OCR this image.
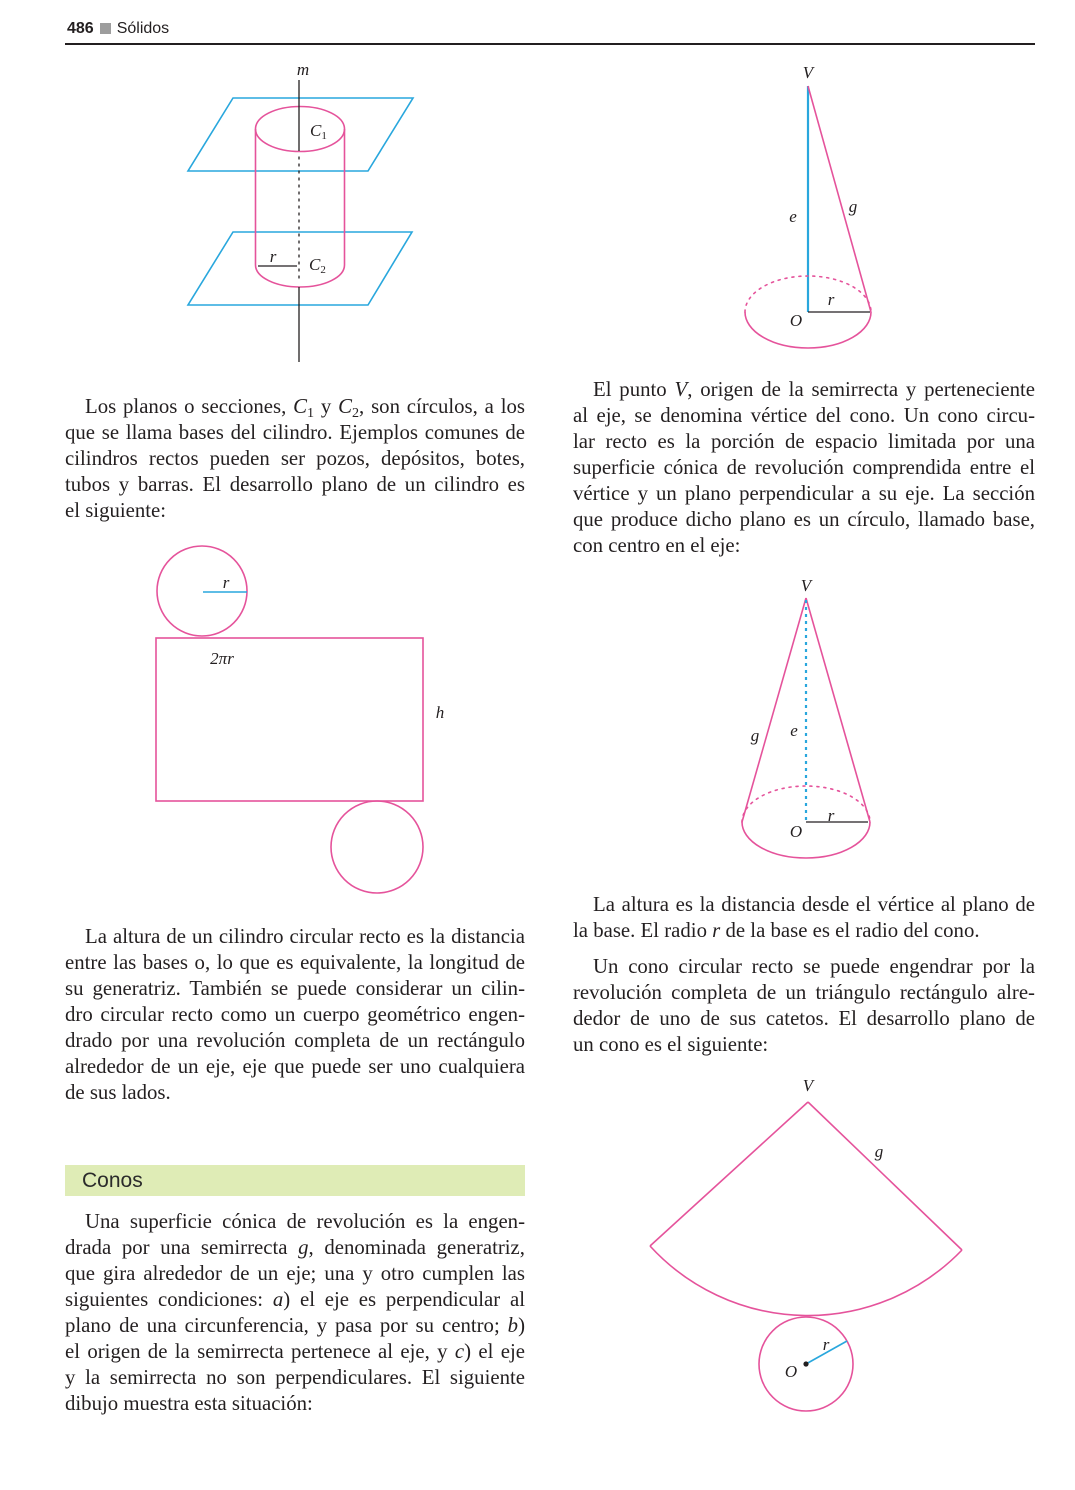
486 Sólidos
m
C1
r C2
V
e
g
r
O
r
2πr
h
V
g e
r
O
V
g
r
O
Los planos o secciones, $C_1$ y $C_2$, son círculos, a los
que se llama bases del cilindro. Ejemplos comunes de
cilindros rectos pueden ser pozos, depósitos, botes,
tubos y barras. El desarrollo plano de un cilindro es
el siguiente:
La altura de un cilindro circular recto es la distancia
entre las bases o, lo que es equivalente, la longitud de
su generatriz. También se puede considerar un cilin-
dro circular recto como un cuerpo geométrico engen-
drado por una revolución completa de un rectángulo
alrededor de un eje, eje que puede ser uno cualquiera
de sus lados.
Conos
Una superficie cónica de revolución es la engen-
drada por una semirrecta g, denominada generatriz,
que gira alrededor de un eje; una y otro cumplen las
siguientes condiciones: a) el eje es perpendicular al
plano de una circunferencia, y pasa por su centro; b)
el origen de la semirrecta pertenece al eje, y c) el eje
y la semirrecta no son perpendiculares. El siguiente
dibujo muestra esta situación:
El punto V, origen de la semirrecta y perteneciente
al eje, se denomina vértice del cono. Un cono circu-
lar recto es la porción de espacio limitada por una
superficie cónica de revolución comprendida entre el
vértice y un plano perpendicular a su eje. La sección
que produce dicho plano es un círculo, llamado base,
con centro en el eje:
La altura es la distancia desde el vértice al plano de
la base. El radio r de la base es el radio del cono.
Un cono circular recto se puede engendrar por la
revolución completa de un triángulo rectángulo alre-
dedor de uno de sus catetos. El desarrollo plano de
un cono es el siguiente:
